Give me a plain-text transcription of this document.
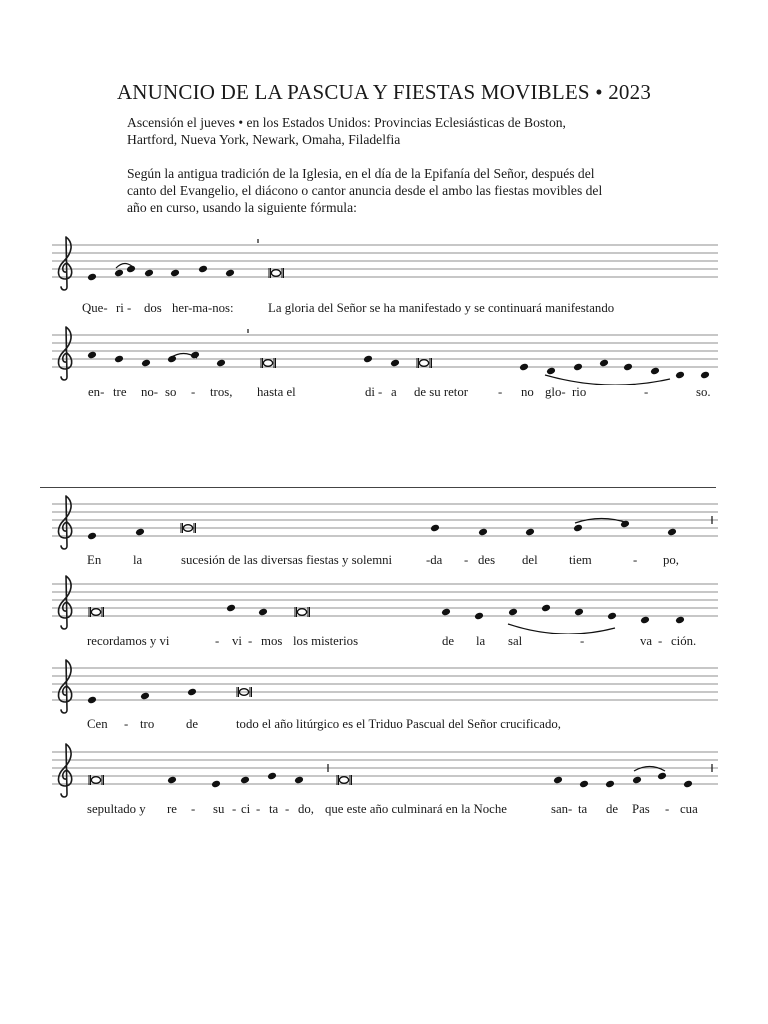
ANUNCIO DE LA PASCUA Y FIESTAS MOVIBLES • 2023
Ascensión el jueves • en los Estados Unidos: Provincias Eclesiásticas de Boston,
Hartford, Nueva York, Newark, Omaha, Filadelfia
Según la antigua tradición de la Iglesia, en el día de la Epifanía del Señor, después del
canto del Evangelio, el diácono o cantor anuncia desde el ambo las fiestas movibles del
año en curso, usando la siguiente fórmula:
Que- ri - dos her-ma-nos:	La gloria del Señor se ha manifestado y se continuará manifestando
en- tre no- so - tros, hasta el	di - a de su retor - no glo- rio	-	so.
En la	sucesión de las diversas fiestas y solemni	-da - des del tiem	- po,
recordamos y vi	- vi - mos los misterios	de la sal	-	va - ción.
Cen - tro de	todo el año litúrgico es el Triduo Pascual del Señor crucificado,
sepultado y re - su - ci - ta - do, que este año culminará en la Noche	san- ta de Pas - cua
